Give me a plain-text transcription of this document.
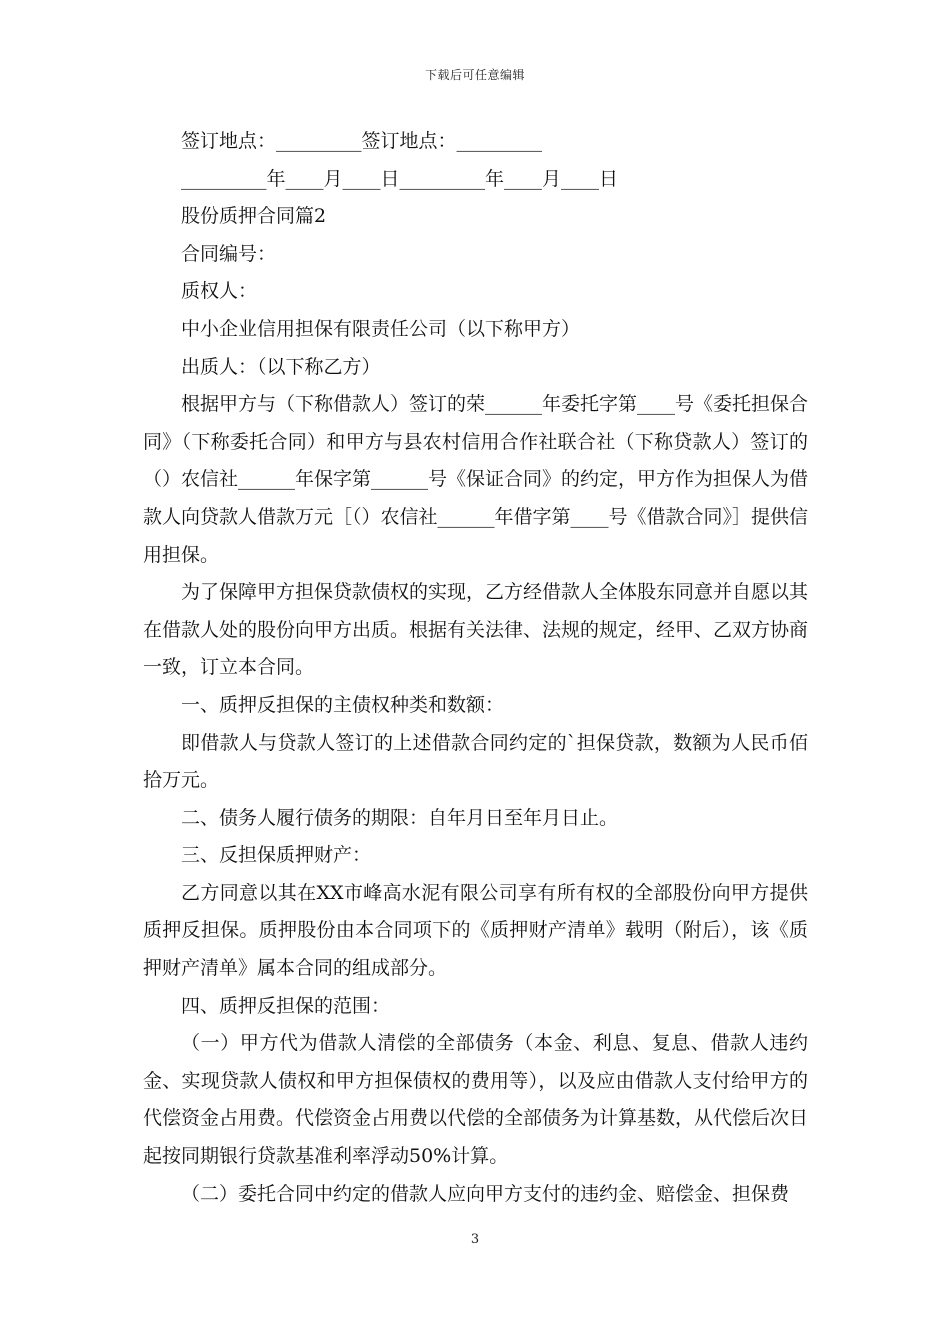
下载后可任意编辑

签订地点：_________签订地点：_________

_________年____月____日_________年____月____日

股份质押合同篇2

合同编号：

质权人：

中小企业信用担保有限责任公司（以下称甲方）

出质人：（以下称乙方）

根据甲方与（下称借款人）签订的荣______年委托字第____号《委托担保合同》（下称委托合同）和甲方与县农村信用合作社联合社（下称贷款人）签订的（）农信社______年保字第______号《保证合同》的约定，甲方作为担保人为借款人向贷款人借款万元［（）农信社______年借字第____号《借款合同》］提供信用担保。

为了保障甲方担保贷款债权的实现，乙方经借款人全体股东同意并自愿以其在借款人处的股份向甲方出质。根据有关法律、法规的规定，经甲、乙双方协商一致，订立本合同。

一、质押反担保的主债权种类和数额：

即借款人与贷款人签订的上述借款合同约定的`担保贷款，数额为人民币佰拾万元。

二、债务人履行债务的期限：自年月日至年月日止。

三、反担保质押财产：

乙方同意以其在XX市峰高水泥有限公司享有所有权的全部股份向甲方提供质押反担保。质押股份由本合同项下的《质押财产清单》载明（附后），该《质押财产清单》属本合同的组成部分。

四、质押反担保的范围：

（一）甲方代为借款人清偿的全部债务（本金、利息、复息、借款人违约金、实现贷款人债权和甲方担保债权的费用等），以及应由借款人支付给甲方的代偿资金占用费。代偿资金占用费以代偿的全部债务为计算基数，从代偿后次日起按同期银行贷款基准利率浮动50%计算。

（二）委托合同中约定的借款人应向甲方支付的违约金、赔偿金、担保费

3
